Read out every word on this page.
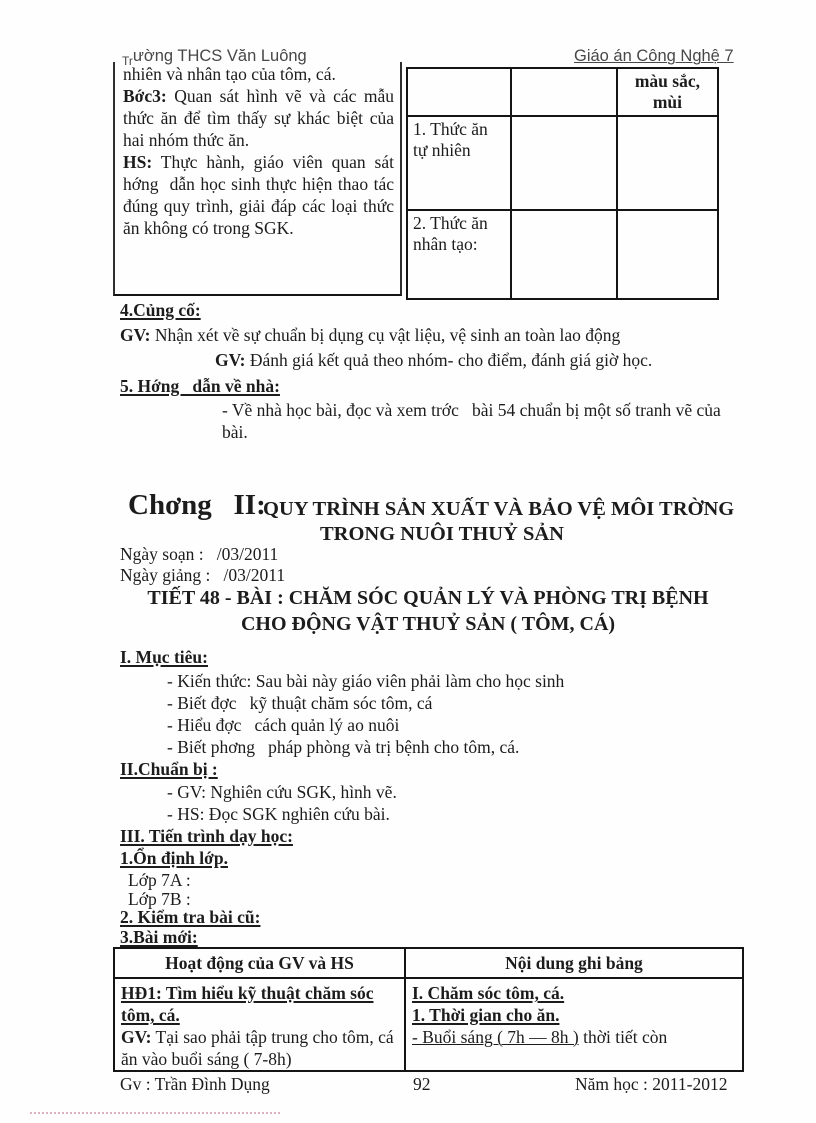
$_{Tr}$ường THCS Văn Luông	Giáo án Công Nghệ 7

nhiên và nhân tạo của tôm, cá.

Bớc3: Quan sát hình vẽ và các mẫu thức ăn để tìm thấy sự khác biệt của hai nhóm thức ăn.

HS: Thực hành, giáo viên quan sát hớng  dẫn học sinh thực hiện thao tác đúng quy trình, giải đáp các loại thức ăn không có trong SGK.

		màu sắc, mùi
1. Thức ăn tự nhiên		
2. Thức ăn nhân tạo:		
4.Củng cố:
GV: Nhận xét về sự chuẩn bị dụng cụ vật liệu, vệ sinh an toàn lao động
GV: Đánh giá kết quả theo nhóm- cho điểm, đánh giá giờ học.
5. Hớng   dẫn về nhà:
- Về nhà học bài, đọc và xem trớc   bài 54 chuẩn bị một số tranh vẽ của bài.
Chơng   II:
QUY TRÌNH SẢN XUẤT VÀ BẢO VỆ MÔI TRỜNG
TRONG NUÔI THUỶ SẢN
Ngày soạn :   /03/2011
Ngày giảng :   /03/2011
TIẾT 48 - BÀI : CHĂM SÓC QUẢN LÝ VÀ PHÒNG TRỊ BỆNH
CHO ĐỘNG VẬT THUỶ SẢN ( TÔM, CÁ)
I. Mục tiêu:
- Kiến thức: Sau bài này giáo viên phải làm cho học sinh
- Biết đợc   kỹ thuật chăm sóc tôm, cá
- Hiểu đợc   cách quản lý ao nuôi
- Biết phơng   pháp phòng và trị bệnh cho tôm, cá.
II.Chuẩn bị :
- GV: Nghiên cứu SGK, hình vẽ.
- HS: Đọc SGK nghiên cứu bài.
III. Tiến trình dạy học:
1.Ổn định lớp.
Lớp 7A :
Lớp 7B :
2. Kiểm tra bài cũ:
3.Bài mới:
Hoạt động của GV và HS	Nội dung ghi bảng

HĐ1: Tìm hiểu kỹ thuật chăm sóc tôm, cá.
GV: Tại sao phải tập trung cho tôm, cá ăn vào buổi sáng ( 7-8h)

I. Chăm sóc tôm, cá.
1. Thời gian cho ăn.
- Buổi sáng ( 7h — 8h ) thời tiết còn
Gv : Trần Đình Dụng	92	Năm học : 2011-2012
